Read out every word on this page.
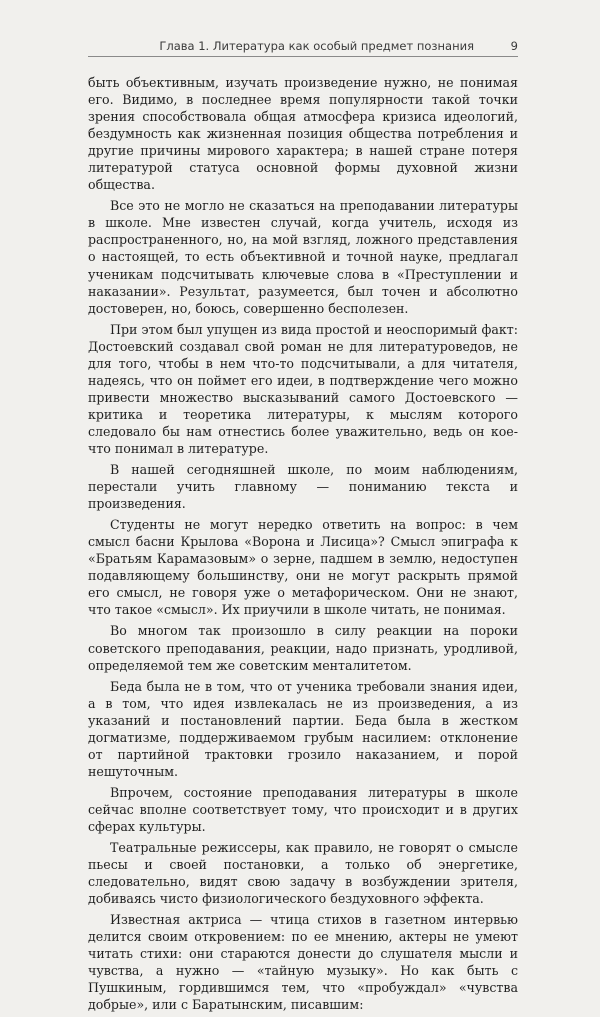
Глава 1. Литература как особый предмет познания	9

быть объективным, изучать произведение нужно, не понимая его. Видимо, в последнее время популярности такой точки зрения способствовала общая атмосфера кризиса идеологий, бездумность как жизненная позиция общества потребления и другие причины мирового характера; в нашей стране потеря литературой статуса основной формы духовной жизни общества.

Все это не могло не сказаться на преподавании литературы в школе. Мне известен случай, когда учитель, исходя из распространенного, но, на мой взгляд, ложного представления о настоящей, то есть объективной и точной науке, предлагал ученикам подсчитывать ключевые слова в «Преступлении и наказании». Результат, разумеется, был точен и абсолютно достоверен, но, боюсь, совершенно бесполезен.

При этом был упущен из вида простой и неоспоримый факт: Достоевский создавал свой роман не для литературоведов, не для того, чтобы в нем что-то подсчитывали, а для читателя, надеясь, что он поймет его идеи, в подтверждение чего можно привести множество высказываний самого Достоевского — критика и теоретика литературы, к мыслям которого следовало бы нам отнестись более уважительно, ведь он кое-что понимал в литературе.

В нашей сегодняшней школе, по моим наблюдениям, перестали учить главному — пониманию текста и произведения.

Студенты не могут нередко ответить на вопрос: в чем смысл басни Крылова «Ворона и Лисица»? Смысл эпиграфа к «Братьям Карамазовым» о зерне, падшем в землю, недоступен подавляющему большинству, они не могут раскрыть прямой его смысл, не говоря уже о метафорическом. Они не знают, что такое «смысл». Их приучили в школе читать, не понимая.

Во многом так произошло в силу реакции на пороки советского преподавания, реакции, надо признать, уродливой, определяемой тем же советским менталитетом.

Беда была не в том, что от ученика требовали знания идеи, а в том, что идея извлекалась не из произведения, а из указаний и постановлений партии. Беда была в жестком догматизме, поддерживаемом грубым насилием: отклонение от партийной трактовки грозило наказанием, и порой нешуточным.

Впрочем, состояние преподавания литературы в школе сейчас вполне соответствует тому, что происходит и в других сферах культуры.

Театральные режиссеры, как правило, не говорят о смысле пьесы и своей постановки, а только об энергетике, следовательно, видят свою задачу в возбуждении зрителя, добиваясь чисто физиологического бездуховного эффекта.

Известная актриса — чтица стихов в газетном интервью делится своим откровением: по ее мнению, актеры не умеют читать стихи: они стараются донести до слушателя мысли и чувства, а нужно — «тайную музыку». Но как быть с Пушкиным, гордившимся тем, что «пробуждал» «чувства добрые», или с Баратынским, писавшим:
